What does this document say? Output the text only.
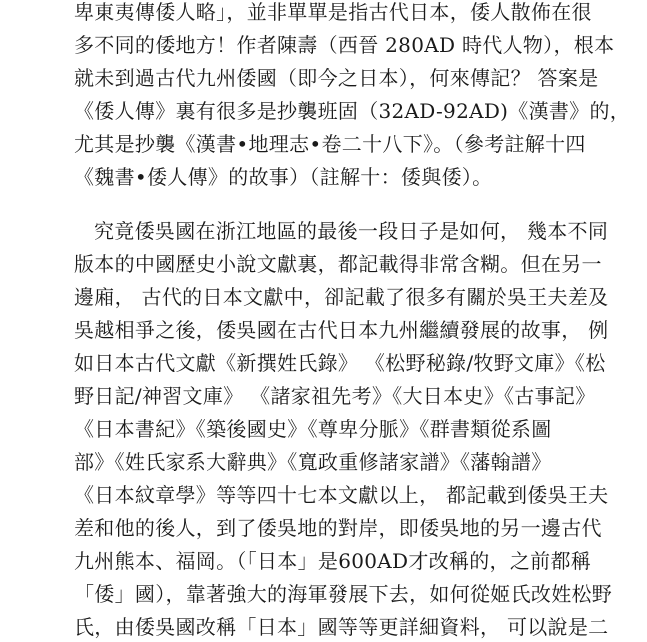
卑東夷傳倭人略」，並非單單是指古代日本，倭人散佈在很
多不同的倭地方！作者陳壽（西晉 280AD 時代人物），根本
就未到過古代九州倭國（即今之日本），何來傳記？ 答案是
《倭人傳》裏有很多是抄襲班固（32AD-92AD)《漢書》的，
尤其是抄襲《漢書•地理志•卷二十八下》。（參考註解十四
《魏書•倭人傳》的故事）（註解十：倭與倭）。
究竟倭吳國在浙江地區的最後一段日子是如何， 幾本不同
版本的中國歷史小說文獻裏，都記載得非常含糊。但在另一
邊廂， 古代的日本文獻中，卻記載了很多有關於吳王夫差及
吳越相爭之後，倭吳國在古代日本九州繼續發展的故事， 例
如日本古代文獻《新撰姓氏錄》 《松野秘錄/牧野文庫》《松
野日記/神習文庫》 《諸家祖先考》《大日本史》《古事記》
《日本書紀》《築後國史》《尊卑分脈》《群書類從系圖
部》《姓氏家系大辭典》《寬政重修諸家譜》《藩翰譜》
《日本紋章學》等等四十七本文獻以上， 都記載到倭吳王夫
差和他的後人，到了倭吳地的對岸，即倭吳地的另一邊古代
九州熊本、福岡。（「日本」是600AD才改稱的，之前都稱
「倭」國），靠著強大的海軍發展下去，如何從姬氏改姓松野
氏，由倭吳國改稱「日本」國等等更詳細資料， 可以說是二
